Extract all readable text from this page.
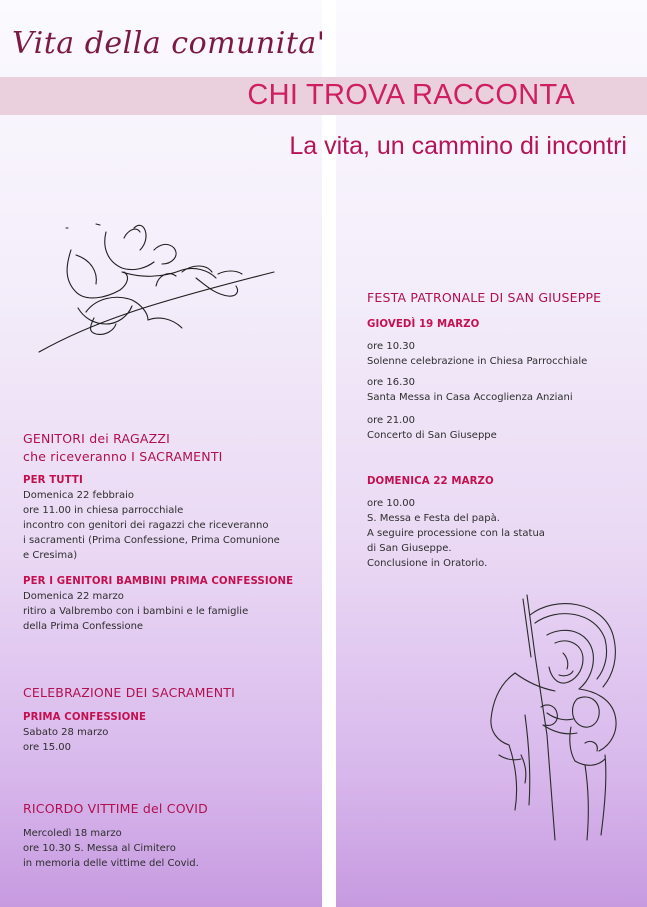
Vita della comunita'
CHI TROVA RACCONTA
La vita, un cammino di incontri
GENITORI dei RAGAZZI
che riceveranno I SACRAMENTI
PER TUTTI
Domenica 22 febbraio
ore 11.00 in chiesa parrocchiale
incontro con genitori dei ragazzi che riceveranno
i sacramenti (Prima Confessione, Prima Comunione
e Cresima)
PER I GENITORI BAMBINI PRIMA CONFESSIONE
Domenica 22 marzo
ritiro a Valbrembo con i bambini e le famiglie
della Prima Confessione
CELEBRAZIONE DEI SACRAMENTI
PRIMA CONFESSIONE
Sabato 28 marzo
ore 15.00
RICORDO VITTIME del COVID
Mercoledì 18 marzo
ore 10.30 S. Messa al Cimitero
in memoria delle vittime del Covid.
FESTA PATRONALE DI SAN GIUSEPPE
GIOVEDÌ 19 MARZO
ore 10.30
Solenne celebrazione in Chiesa Parrocchiale
ore 16.30
Santa Messa in Casa Accoglienza Anziani
ore 21.00
Concerto di San Giuseppe
DOMENICA 22 MARZO
ore 10.00
S. Messa e Festa del papà.
A seguire processione con la statua
di San Giuseppe.
Conclusione in Oratorio.
